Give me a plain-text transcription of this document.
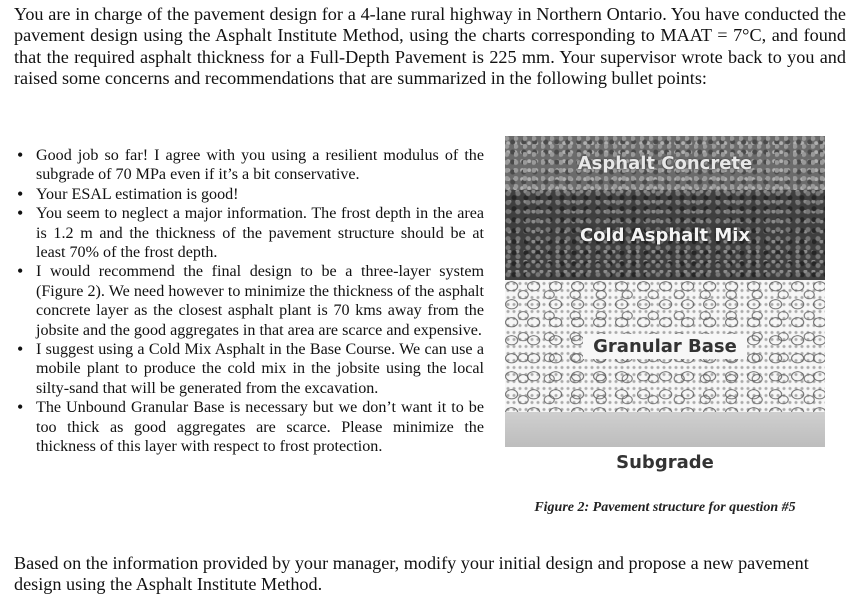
You are in charge of the pavement design for a 4-lane rural highway in Northern Ontario. You have conducted the pavement design using the Asphalt Institute Method, using the charts corresponding to MAAT = 7°C, and found that the required asphalt thickness for a Full-Depth Pavement is 225 mm. Your supervisor wrote back to you and raised some concerns and recommendations that are summarized in the following bullet points:
• Good job so far! I agree with you using a resilient modulus of the subgrade of 70 MPa even if it’s a bit conservative.
• Your ESAL estimation is good!
• You seem to neglect a major information. The frost depth in the area is 1.2 m and the thickness of the pavement structure should be at least 70% of the frost depth.
• I would recommend the final design to be a three-layer system (Figure 2). We need however to minimize the thickness of the asphalt concrete layer as the closest asphalt plant is 70 kms away from the jobsite and the good aggregates in that area are scarce and expensive.
• I suggest using a Cold Mix Asphalt in the Base Course. We can use a mobile plant to produce the cold mix in the jobsite using the local silty-sand that will be generated from the excavation.
• The Unbound Granular Base is necessary but we don’t want it to be too thick as good aggregates are scarce. Please minimize the thickness of this layer with respect to frost protection.
Asphalt Concrete
Cold Asphalt Mix
Granular Base
Subgrade
Figure 2: Pavement structure for question #5
Based on the information provided by your manager, modify your initial design and propose a new pavement design using the Asphalt Institute Method.
